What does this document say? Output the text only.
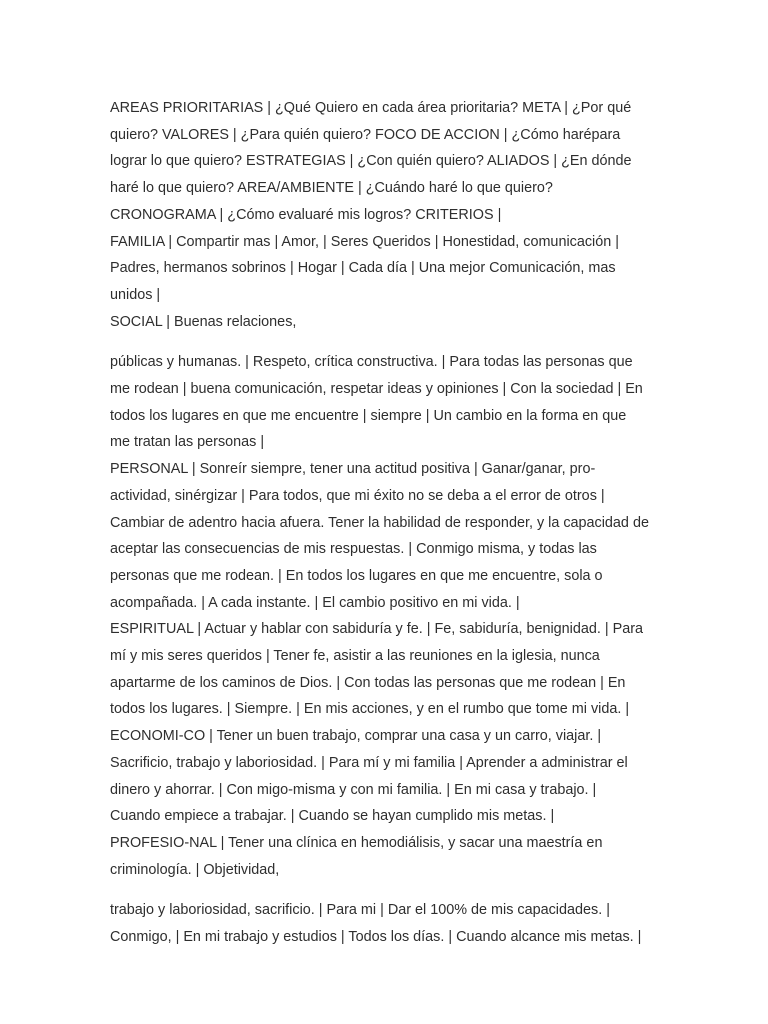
AREAS PRIORITARIAS | ¿Qué Quiero en cada área prioritaria? META | ¿Por qué quiero? VALORES | ¿Para quién quiero? FOCO DE ACCION | ¿Cómo harépara lograr lo que quiero? ESTRATEGIAS | ¿Con quién quiero? ALIADOS | ¿En dónde haré lo que quiero? AREA/AMBIENTE | ¿Cuándo haré lo que quiero? CRONOGRAMA | ¿Cómo evaluaré mis logros? CRITERIOS |

FAMILIA | Compartir mas | Amor, | Seres Queridos | Honestidad, comunicación | Padres, hermanos sobrinos | Hogar | Cada día | Una mejor Comunicación, mas unidos |

SOCIAL | Buenas relaciones,

públicas y humanas. | Respeto, crítica constructiva. | Para todas las personas que me rodean | buena comunicación, respetar ideas y opiniones | Con la sociedad | En todos los lugares en que me encuentre | siempre | Un cambio en la forma en que me tratan las personas |

PERSONAL | Sonreír siempre, tener una actitud positiva | Ganar/ganar, pro-actividad, sinérgizar | Para todos, que mi éxito no se deba a el error de otros | Cambiar de adentro hacia afuera. Tener la habilidad de responder, y la capacidad de aceptar las consecuencias de mis respuestas. | Conmigo misma, y todas las personas que me rodean. | En todos los lugares en que me encuentre, sola o acompañada. | A cada instante. | El cambio positivo en mi vida. |

ESPIRITUAL | Actuar y hablar con sabiduría y fe. | Fe, sabiduría, benignidad. | Para mí y mis seres queridos | Tener fe, asistir a las reuniones en la iglesia, nunca apartarme de los caminos de Dios. | Con todas las personas que me rodean | En todos los lugares. | Siempre. | En mis acciones, y en el rumbo que tome mi vida. |

ECONOMI-CO | Tener un buen trabajo, comprar una casa y un carro, viajar. | Sacrificio, trabajo y laboriosidad. | Para mí y mi familia | Aprender a administrar el dinero y ahorrar. | Con migo-misma y con mi familia. | En mi casa y trabajo. | Cuando empiece a trabajar. | Cuando se hayan cumplido mis metas. |

PROFESIO-NAL | Tener una clínica en hemodiálisis, y sacar una maestría en criminología. | Objetividad,

trabajo y laboriosidad, sacrificio. | Para mi | Dar el 100% de mis capacidades. | Conmigo, | En mi trabajo y estudios | Todos los días. | Cuando alcance mis metas. |
